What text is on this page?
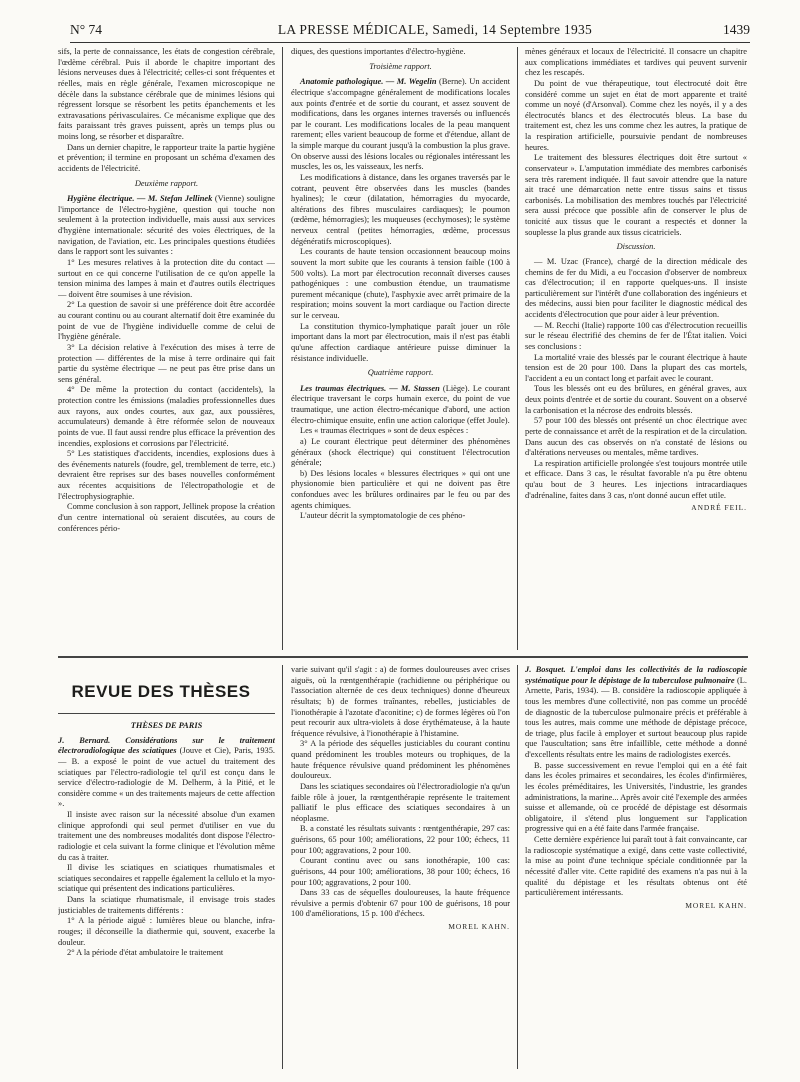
N° 74	LA PRESSE MÉDICALE, Samedi, 14 Septembre 1935	1439

sifs, la perte de connaissance, les états de congestion cérébrale, l'œdème cérébral. Puis il aborde le chapitre important des lésions nerveuses dues à l'électricité; celles-ci sont fréquentes et réelles, mais en règle générale, l'examen microscopique ne décèle dans la substance cérébrale que de minimes lésions qui régressent lorsque se résorbent les petits épanchements et les extravasations périvasculaires. Ce mécanisme explique que des faits paraissant très graves puissent, après un temps plus ou moins long, se résorber et disparaître.

Dans un dernier chapitre, le rapporteur traite la partie hygiène et prévention; il termine en proposant un schéma d'examen des accidents de l'électricité.

Deuxième rapport.

Hygiène électrique. — M. Stefan Jellinek (Vienne) souligne l'importance de l'électro-hygiène, question qui touche non seulement à la protection individuelle, mais aussi aux services d'hygiène internationale: sécurité des voies électriques, de la navigation, de l'aviation, etc. Les principales questions étudiées dans le rapport sont les suivantes :

1° Les mesures relatives à la protection dite du contact — surtout en ce qui concerne l'utilisation de ce qu'on appelle la tension minima des lampes à main et d'autres outils électriques — doivent être soumises à une révision.

2° La question de savoir si une préférence doit être accordée au courant continu ou au courant alternatif doit être examinée du point de vue de l'hygiène individuelle comme de celui de l'hygiène générale.

3° La décision relative à l'exécution des mises à terre de protection — différentes de la mise à terre ordinaire qui fait partie du système électrique — ne peut pas être prise dans un sens général.

4° De même la protection du contact (accidentels), la protection contre les émissions (maladies professionnelles dues aux rayons, aux ondes courtes, aux gaz, aux poussières, accumulateurs) demande à être réformée selon de nouveaux points de vue. Il faut aussi rendre plus efficace la prévention des incendies, explosions et corrosions par l'électricité.

5° Les statistiques d'accidents, incendies, explosions dues à des événements naturels (foudre, gel, tremblement de terre, etc.) devraient être reprises sur des bases nouvelles conformément aux récentes acquisitions de l'électropathologie et de l'électrophysiographie.

Comme conclusion à son rapport, Jellinek propose la création d'un centre international où seraient discutées, au cours de conférences pério-

diques, des questions importantes d'électro-hygiène.

Troisième rapport.

Anatomie pathologique. — M. Wegelin (Berne). Un accident électrique s'accompagne généralement de modifications locales aux points d'entrée et de sortie du courant, et assez souvent de modifications, dans les organes internes traversés ou influencés par le courant. Les modifications locales de la peau manquent rarement; elles varient beaucoup de forme et d'étendue, allant de la simple marque du courant jusqu'à la combustion la plus grave. On observe aussi des lésions locales ou régionales intéressant les muscles, les os, les vaisseaux, les nerfs.

Les modifications à distance, dans les organes traversés par le cotrant, peuvent être observées dans les muscles (bandes hyalines); le cœur (dilatation, hémorragies du myocarde, altérations des fibres musculaires cardiaques); le poumon (œdème, hémorragies); les muqueuses (ecchymoses); le système nerveux central (petites hémorragies, œdème, processus dégénératifs microscopiques).

Les courants de haute tension occasionnent beaucoup moins souvent la mort subite que les courants à tension faible (100 à 500 volts). La mort par électrocution reconnaît diverses causes pathogéniques : une combustion étendue, un traumatisme purement mécanique (chute), l'asphyxie avec arrêt primaire de la respiration; moins souvent la mort cardiaque ou l'action directe sur le cerveau.

La constitution thymico-lymphatique paraît jouer un rôle important dans la mort par électrocution, mais il n'est pas établi qu'une affection cardiaque antérieure puisse diminuer la résistance individuelle.

Quatrième rapport.

Les traumas électriques. — M. Stassen (Liège). Le courant électrique traversant le corps humain exerce, du point de vue traumatique, une action électro-mécanique d'abord, une action électro-chimique ensuite, enfin une action calorique (effet Joule).

Les « traumas électriques » sont de deux espèces :

a) Le courant électrique peut déterminer des phénomènes généraux (shock électrique) qui constituent l'électrocution générale;

b) Des lésions locales « blessures électriques » qui ont une physionomie bien particulière et qui ne doivent pas être confondues avec les brûlures ordinaires par le feu ou par des agents chimiques.

L'auteur décrit la symptomatologie de ces phéno-

mènes généraux et locaux de l'électricité. Il consacre un chapitre aux complications immédiates et tardives qui peuvent survenir chez les rescapés.

Du point de vue thérapeutique, tout électrocuté doit être considéré comme un sujet en état de mort apparente et traité comme un noyé (d'Arsonval). Comme chez les noyés, il y a des électrocutés blancs et des électrocutés bleus. La base du traitement est, chez les uns comme chez les autres, la pratique de la respiration artificielle, poursuivie pendant de nombreuses heures.

Le traitement des blessures électriques doit être surtout « conservateur ». L'amputation immédiate des membres carbonisés sera très rarement indiquée. Il faut savoir attendre que la nature ait tracé une démarcation nette entre tissus sains et tissus carbonisés. La mobilisation des membres touchés par l'électricité sera aussi précoce que possible afin de conserver le plus de tonicité aux tissus que le courant a respectés et donner la souplesse la plus grande aux tissus cicatriciels.

Discussion.

— M. Uzac (France), chargé de la direction médicale des chemins de fer du Midi, a eu l'occasion d'observer de nombreux cas d'électrocution; il en rapporte quelques-uns. Il insiste particulièrement sur l'intérêt d'une collaboration des ingénieurs et des médecins, aussi bien pour faciliter le diagnostic médical des accidents d'électrocution que pour aider à leur prévention.

— M. Recchi (Italie) rapporte 100 cas d'électrocution recueillis sur le réseau électrifié des chemins de fer de l'État italien. Voici ses conclusions :

La mortalité vraie des blessés par le courant électrique à haute tension est de 20 pour 100. Dans la plupart des cas mortels, l'accident a eu un contact long et parfait avec le courant.

Tous les blessés ont eu des brûlures, en général graves, aux deux points d'entrée et de sortie du courant. Souvent on a observé la carbonisation et la nécrose des endroits blessés.

57 pour 100 des blessés ont présenté un choc électrique avec perte de connaissance et arrêt de la respiration et de la circulation. Dans aucun des cas observés on n'a constaté de lésions ou d'altérations nerveuses ou mentales, même tardives.

La respiration artificielle prolongée s'est toujours montrée utile et efficace. Dans 3 cas, le résultat favorable n'a pu être obtenu qu'au bout de 3 heures. Les injections intracardiaques d'adrénaline, faites dans 3 cas, n'ont donné aucun effet utile.

ANDRÉ FEIL.
REVUE DES THÈSES

THÈSES DE PARIS

J. Bernard. Considérations sur le traitement électroradiologique des sciatiques (Jouve et Cie), Paris, 1935. — B. a exposé le point de vue actuel du traitement des sciatiques par l'électro-radiologie tel qu'il est conçu dans le service d'électro-radiologie de M. Delherm, à la Pitié, et le considère comme « un des traitements majeurs de cette affection ».

Il insiste avec raison sur la nécessité absolue d'un examen clinique approfondi qui seul permet d'utiliser en vue du traitement une des nombreuses modalités dont dispose l'électro-radiologie et cela suivant la forme clinique et l'évolution même du cas à traiter.

Il divise les sciatiques en sciatiques rhumatismales et sciatiques secondaires et rappelle également la cellulo et la myo-sciatique qui présentent des indications particulières.

Dans la sciatique rhumatismale, il envisage trois stades justiciables de traitements différents :

1° A la période aiguë : lumières bleue ou blanche, infra-rouges; il déconseille la diathermie qui, souvent, exacerbe la douleur.

2° A la période d'état ambulatoire le traitement

varie suivant qu'il s'agit : a) de formes douloureuses avec crises aiguës, où la rœntgenthérapie (rachidienne ou périphérique ou l'association alternée de ces deux techniques) donne d'heureux résultats; b) de formes traînantes, rebelles, justiciables de l'ionothérapie à l'azotate d'aconitine; c) de formes légères où l'on peut recourir aux ultra-violets à dose érythémateuse, à la haute fréquence révulsive, à l'ionothérapie à l'histamine.

3° A la période des séquelles justiciables du courant continu quand prédominent les troubles moteurs ou trophiques, de la haute fréquence révulsive quand prédominent les phénomènes douloureux.

Dans les sciatiques secondaires où l'électroradiologie n'a qu'un faible rôle à jouer, la rœntgenthérapie représente le traitement palliatif le plus efficace des sciatiques secondaires à un néoplasme.

B. a constaté les résultats suivants : rœntgenthérapie, 297 cas: guérisons, 65 pour 100; améliorations, 22 pour 100; échecs, 11 pour 100; aggravations, 2 pour 100.

Courant continu avec ou sans ionothérapie, 100 cas: guérisons, 44 pour 100; améliorations, 38 pour 100; échecs, 16 pour 100; aggravations, 2 pour 100.

Dans 33 cas de séquelles douloureuses, la haute fréquence révulsive a permis d'obtenir 67 pour 100 de guérisons, 18 pour 100 d'améliorations, 15 p. 100 d'échecs.

MOREL KAHN.

J. Bosquet. L'emploi dans les collectivités de la radioscopie systématique pour le dépistage de la tuberculose pulmonaire (L. Arnette, Paris, 1934). — B. considère la radioscopie appliquée à tous les membres d'une collectivité, non pas comme un procédé de diagnostic de la tuberculose pulmonaire précis et préférable à tous les autres, mais comme une méthode de dépistage précoce, de triage, plus facile à employer et surtout beaucoup plus rapide que l'auscultation; sans être infaillible, cette méthode a donné d'excellents résultats entre les mains de radiologistes exercés.

B. passe successivement en revue l'emploi qui en a été fait dans les écoles primaires et secondaires, les écoles d'infirmières, les écoles préméditaires, les Universités, l'industrie, les grandes administrations, la marine... Après avoir cité l'exemple des armées suisse et allemande, où ce procédé de dépistage est désormais obligatoire, il s'étend plus longuement sur l'application progressive qui en a été faite dans l'armée française.

Cette dernière expérience lui paraît tout à fait convaincante, car la radioscopie systématique a exigé, dans cette vaste collectivité, la mise au point d'une technique spéciale conditionnée par la nécessité d'aller vite. Cette rapidité des examens n'a pas nui à la qualité du dépistage et les résultats obtenus ont été particulièrement intéressants.

MOREL KAHN.
